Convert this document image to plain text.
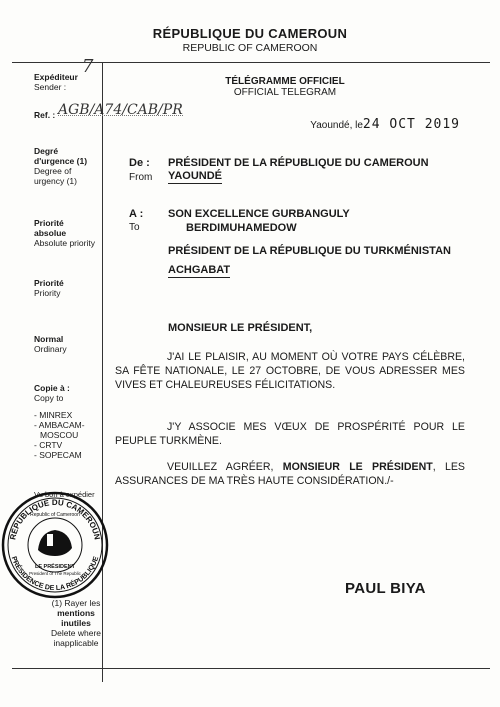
RÉPUBLIQUE DU CAMEROUN
REPUBLIC OF CAMEROON
Expéditeur 7

Sender :
Ref. : AGB/A74/CAB/PR
Degré
d'urgence (1)
Degree of
urgency (1)
Priorité
absolue
Absolute priority
Priorité
Priority
Normal
Ordinary
Copie à :
Copy to
- MINREX
- AMBACAM-
MOSCOU
- CRTV
- SOPECAM
Vu bon à expédier
(1) Rayer les
mentions
inutiles
Delete where
inapplicable
RÉPUBLIQUE DU CAMEROUN
PRÉSIDENCE DE LA RÉPUBLIQUE
Republic of Cameroon
LE PRÉSIDENT
President of The Republic
TÉLÉGRAMME OFFICIEL
OFFICIAL TELEGRAM
Yaoundé, le24 OCT 2019
De :
From
PRÉSIDENT DE LA RÉPUBLIQUE DU CAMEROUN
YAOUNDÉ
A :
To
SON EXCELLENCE GURBANGULY
BERDIMUHAMEDOW
PRÉSIDENT DE LA RÉPUBLIQUE DU TURKMÉNISTAN
ACHGABAT
MONSIEUR LE PRÉSIDENT,

J'AI LE PLAISIR, AU MOMENT OÙ VOTRE PAYS CÉLÈBRE, SA FÊTE NATIONALE, LE 27 OCTOBRE, DE VOUS ADRESSER MES VIVES ET CHALEUREUSES FÉLICITATIONS.

J'Y ASSOCIE MES VŒUX DE PROSPÉRITÉ POUR LE PEUPLE TURKMÈNE.

VEUILLEZ AGRÉER, MONSIEUR LE PRÉSIDENT, LES ASSURANCES DE MA TRÈS HAUTE CONSIDÉRATION./-

PAUL BIYA
